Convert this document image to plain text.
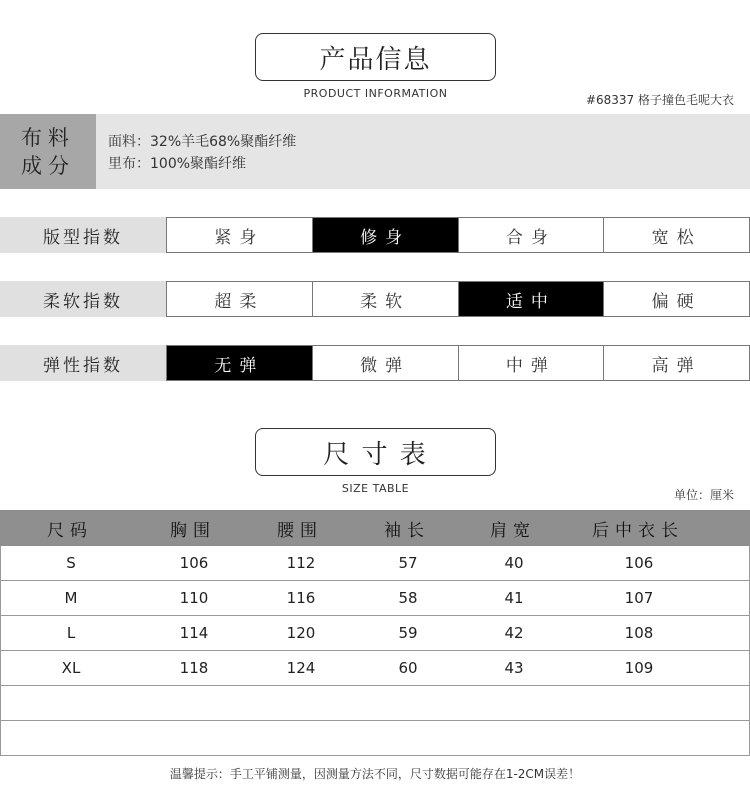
产品信息
PRODUCT INFORMATION	#68337 格子撞色毛呢大衣
布料
成分
面料：32%羊毛68%聚酯纤维
里布：100%聚酯纤维
版型指数	紧身	修身	合身	宽松
柔软指数	超柔	柔软	适中	偏硬
弹性指数	无弹	微弹	中弹	高弹
尺 寸 表
SIZE TABLE	单位：厘米
尺码	胸围	腰围	袖长	肩宽	后中衣长
S	106	112	57	40	106
M	110	116	58	41	107
L	114	120	59	42	108
XL	118	124	60	43	109
温馨提示：手工平铺测量，因测量方法不同，尺寸数据可能存在1-2CM误差！
